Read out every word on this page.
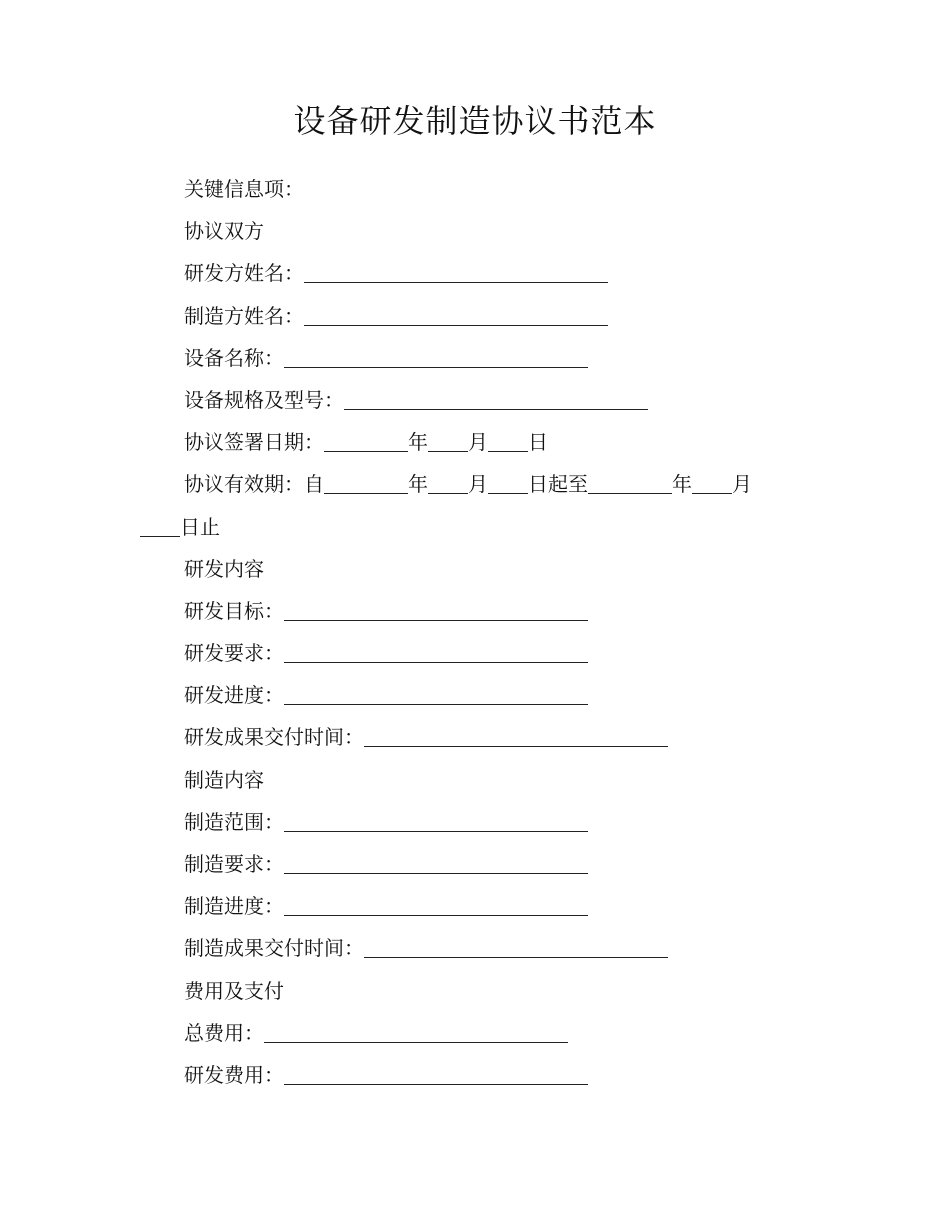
设备研发制造协议书范本
关键信息项：
协议双方
研发方姓名：
制造方姓名：
设备名称：
设备规格及型号：
协议签署日期：	年 月 日
协议有效期：自	年 月 日起至	年 月
日止
研发内容
研发目标：
研发要求：
研发进度：
研发成果交付时间：
制造内容
制造范围：
制造要求：
制造进度：
制造成果交付时间：
费用及支付
总费用：
研发费用：
